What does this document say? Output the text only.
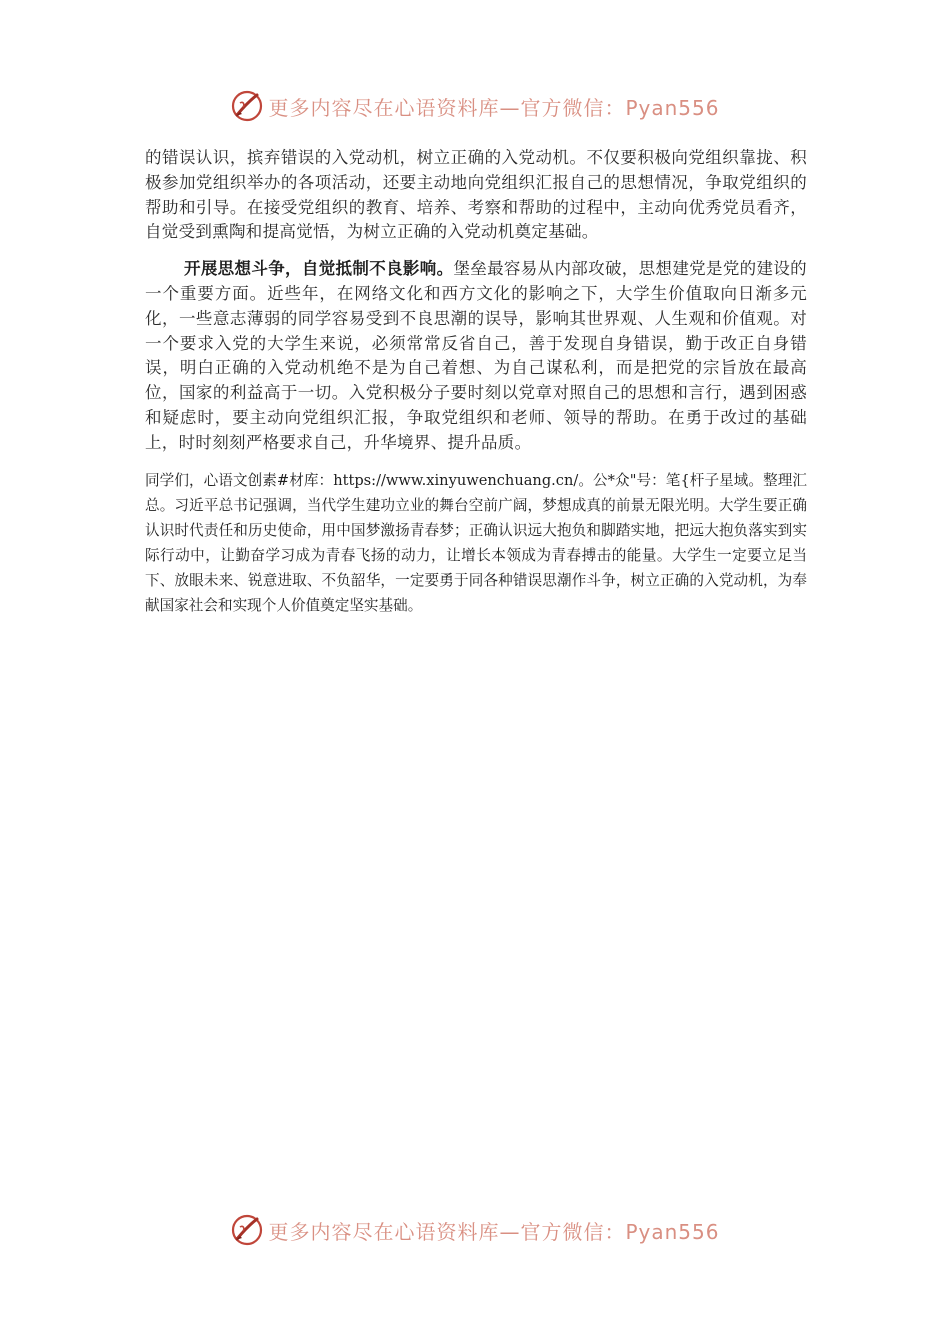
更多内容尽在心语资料库—官方微信：Pyan556

的错误认识，摈弃错误的入党动机，树立正确的入党动机。不仅要积极向党组织靠拢、积极参加党组织举办的各项活动，还要主动地向党组织汇报自己的思想情况，争取党组织的帮助和引导。在接受党组织的教育、培养、考察和帮助的过程中，主动向优秀党员看齐，自觉受到熏陶和提高觉悟，为树立正确的入党动机奠定基础。

开展思想斗争，自觉抵制不良影响。堡垒最容易从内部攻破，思想建党是党的建设的一个重要方面。近些年，在网络文化和西方文化的影响之下，大学生价值取向日渐多元化，一些意志薄弱的同学容易受到不良思潮的误导，影响其世界观、人生观和价值观。对一个要求入党的大学生来说，必须常常反省自己，善于发现自身错误，勤于改正自身错误，明白正确的入党动机绝不是为自己着想、为自己谋私利，而是把党的宗旨放在最高位，国家的利益高于一切。入党积极分子要时刻以党章对照自己的思想和言行，遇到困惑和疑虑时，要主动向党组织汇报，争取党组织和老师、领导的帮助。在勇于改过的基础上，时时刻刻严格要求自己，升华境界、提升品质。

同学们，心语文创素#材库：https://www.xinyuwenchuang.cn/。公*众"号：笔{杆子星域。整理汇总。习近平总书记强调，当代学生建功立业的舞台空前广阔，梦想成真的前景无限光明。大学生要正确认识时代责任和历史使命，用中国梦激扬青春梦；正确认识远大抱负和脚踏实地，把远大抱负落实到实际行动中，让勤奋学习成为青春飞扬的动力，让增长本领成为青春搏击的能量。大学生一定要立足当下、放眼未来、锐意进取、不负韶华，一定要勇于同各种错误思潮作斗争，树立正确的入党动机，为奉献国家社会和实现个人价值奠定坚实基础。

更多内容尽在心语资料库—官方微信：Pyan556
